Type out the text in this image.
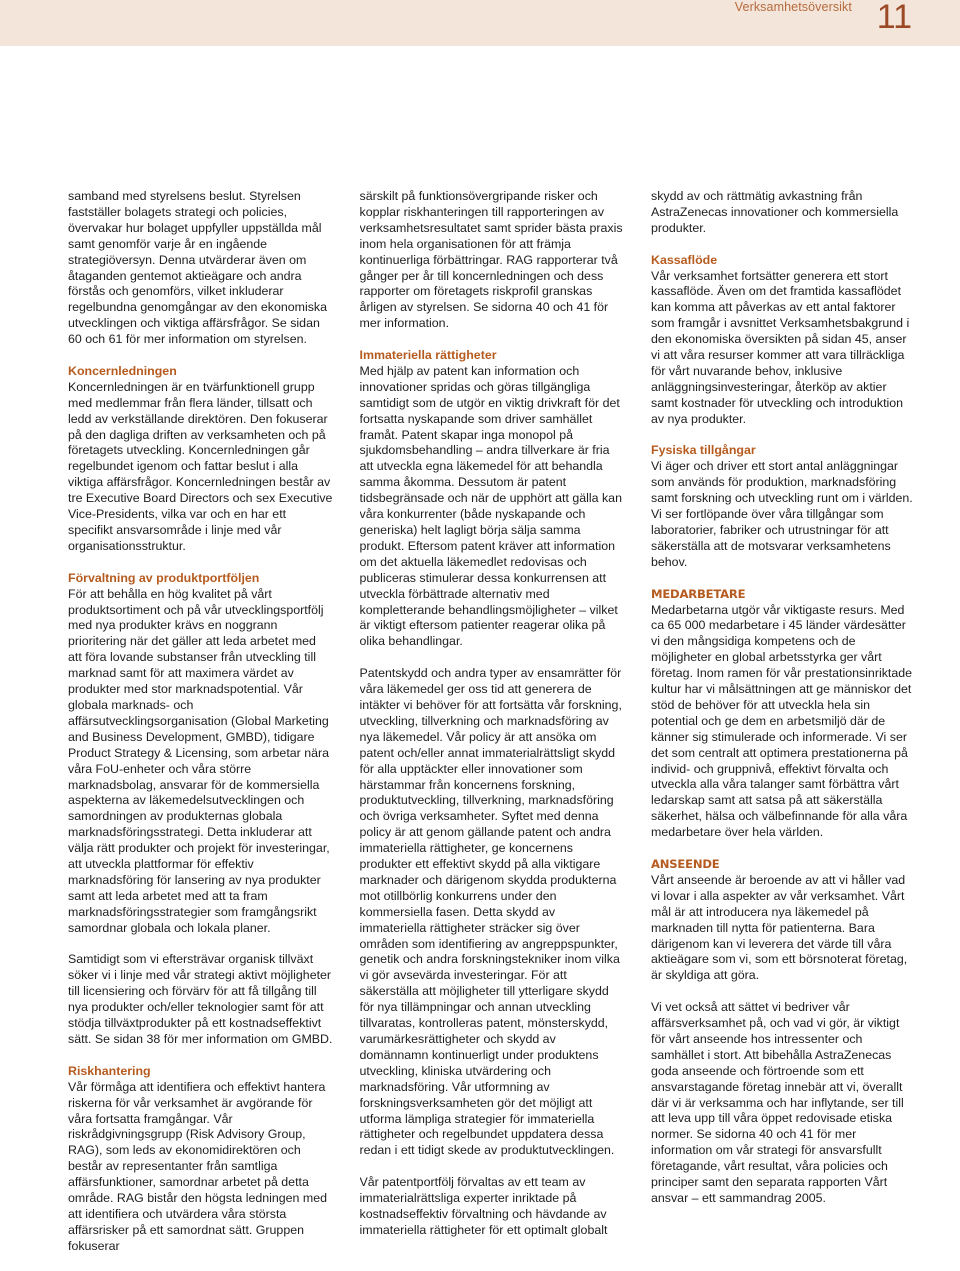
Verksamhetsöversikt 11
samband med styrelsens beslut. Styrelsen fastställer bolagets strategi och policies, övervakar hur bolaget uppfyller uppställda mål samt genomför varje år en ingående strategiöversyn. Denna utvärderar även om åtaganden gentemot aktieägare och andra förstås och genomförs, vilket inkluderar regelbundna genomgångar av den ekonomiska utvecklingen och viktiga affärsfrågor. Se sidan 60 och 61 för mer information om styrelsen.
Koncernledningen
Koncernledningen är en tvärfunktionell grupp med medlemmar från flera länder, tillsatt och ledd av verkställande direktören. Den fokuserar på den dagliga driften av verksamheten och på företagets utveckling. Koncernledningen går regelbundet igenom och fattar beslut i alla viktiga affärsfrågor. Koncernledningen består av tre Executive Board Directors och sex Executive Vice-Presidents, vilka var och en har ett specifikt ansvarsområde i linje med vår organisationsstruktur.
Förvaltning av produktportföljen
För att behålla en hög kvalitet på vårt produktsortiment och på vår utvecklingsportfölj med nya produkter krävs en noggrann prioritering när det gäller att leda arbetet med att föra lovande substanser från utveckling till marknad samt för att maximera värdet av produkter med stor marknadspotential. Vår globala marknads- och affärsutvecklingsorganisation (Global Marketing and Business Development, GMBD), tidigare Product Strategy & Licensing, som arbetar nära våra FoU-enheter och våra större marknadsbolag, ansvarar för de kommersiella aspekterna av läkemedelsutvecklingen och samordningen av produkternas globala marknadsföringsstrategi. Detta inkluderar att välja rätt produkter och projekt för investeringar, att utveckla plattformar för effektiv marknadsföring för lansering av nya produkter samt att leda arbetet med att ta fram marknadsföringsstrategier som framgångsrikt samordnar globala och lokala planer.
Samtidigt som vi eftersträvar organisk tillväxt söker vi i linje med vår strategi aktivt möjligheter till licensiering och förvärv för att få tillgång till nya produkter och/eller teknologier samt för att stödja tillväxtprodukter på ett kostnadseffektivt sätt. Se sidan 38 för mer information om GMBD.
Riskhantering
Vår förmåga att identifiera och effektivt hantera riskerna för vår verksamhet är avgörande för våra fortsatta framgångar. Vår riskrådgivningsgrupp (Risk Advisory Group, RAG), som leds av ekonomidirektören och består av representanter från samtliga affärsfunktioner, samordnar arbetet på detta område. RAG bistår den högsta ledningen med att identifiera och utvärdera våra största affärsrisker på ett samordnat sätt. Gruppen fokuserar
särskilt på funktionsövergripande risker och kopplar riskhanteringen till rapporteringen av verksamhetsresultatet samt sprider bästa praxis inom hela organisationen för att främja kontinuerliga förbättringar. RAG rapporterar två gånger per år till koncernledningen och dess rapporter om företagets riskprofil granskas årligen av styrelsen. Se sidorna 40 och 41 för mer information.
Immateriella rättigheter
Med hjälp av patent kan information och innovationer spridas och göras tillgängliga samtidigt som de utgör en viktig drivkraft för det fortsatta nyskapande som driver samhället framåt. Patent skapar inga monopol på sjukdomsbehandling – andra tillverkare är fria att utveckla egna läkemedel för att behandla samma åkomma. Dessutom är patent tidsbegränsade och när de upphört att gälla kan våra konkurrenter (både nyskapande och generiska) helt lagligt börja sälja samma produkt. Eftersom patent kräver att information om det aktuella läkemedlet redovisas och publiceras stimulerar dessa konkurrensen att utveckla förbättrade alternativ med kompletterande behandlingsmöjligheter – vilket är viktigt eftersom patienter reagerar olika på olika behandlingar.
Patentskydd och andra typer av ensamrätter för våra läkemedel ger oss tid att generera de intäkter vi behöver för att fortsätta vår forskning, utveckling, tillverkning och marknadsföring av nya läkemedel. Vår policy är att ansöka om patent och/eller annat immaterialrättsligt skydd för alla upptäckter eller innovationer som härstammar från koncernens forskning, produktutveckling, tillverkning, marknadsföring och övriga verksamheter. Syftet med denna policy är att genom gällande patent och andra immateriella rättigheter, ge koncernens produkter ett effektivt skydd på alla viktigare marknader och därigenom skydda produkterna mot otillbörlig konkurrens under den kommersiella fasen. Detta skydd av immateriella rättigheter sträcker sig över områden som identifiering av angreppspunkter, genetik och andra forskningstekniker inom vilka vi gör avsevärda investeringar. För att säkerställa att möjligheter till ytterligare skydd för nya tillämpningar och annan utveckling tillvaratas, kontrolleras patent, mönsterskydd, varumärkesrättigheter och skydd av domännamn kontinuerligt under produktens utveckling, kliniska utvärdering och marknadsföring. Vår utformning av forskningsverksamheten gör det möjligt att utforma lämpliga strategier för immateriella rättigheter och regelbundet uppdatera dessa redan i ett tidigt skede av produktutvecklingen.
Vår patentportfölj förvaltas av ett team av immaterialrättsliga experter inriktade på kostnadseffektiv förvaltning och hävdande av immateriella rättigheter för ett optimalt globalt
skydd av och rättmätig avkastning från AstraZenecas innovationer och kommersiella produkter.
Kassaflöde
Vår verksamhet fortsätter generera ett stort kassaflöde. Även om det framtida kassaflödet kan komma att påverkas av ett antal faktorer som framgår i avsnittet Verksamhetsbakgrund i den ekonomiska översikten på sidan 45, anser vi att våra resurser kommer att vara tillräckliga för vårt nuvarande behov, inklusive anläggningsinvesteringar, återköp av aktier samt kostnader för utveckling och introduktion av nya produkter.
Fysiska tillgångar
Vi äger och driver ett stort antal anläggningar som används för produktion, marknadsföring samt forskning och utveckling runt om i världen. Vi ser fortlöpande över våra tillgångar som laboratorier, fabriker och utrustningar för att säkerställa att de motsvarar verksamhetens behov.
MEDARBETARE
Medarbetarna utgör vår viktigaste resurs. Med ca 65 000 medarbetare i 45 länder värdesätter vi den mångsidiga kompetens och de möjligheter en global arbetsstyrka ger vårt företag. Inom ramen för vår prestationsinriktade kultur har vi målsättningen att ge människor det stöd de behöver för att utveckla hela sin potential och ge dem en arbetsmiljö där de känner sig stimulerade och informerade. Vi ser det som centralt att optimera prestationerna på individ- och gruppnivå, effektivt förvalta och utveckla alla våra talanger samt förbättra vårt ledarskap samt att satsa på att säkerställa säkerhet, hälsa och välbefinnande för alla våra medarbetare över hela världen.
ANSEENDE
Vårt anseende är beroende av att vi håller vad vi lovar i alla aspekter av vår verksamhet. Vårt mål är att introducera nya läkemedel på marknaden till nytta för patienterna. Bara därigenom kan vi leverera det värde till våra aktieägare som vi, som ett börsnoterat företag, är skyldiga att göra.
Vi vet också att sättet vi bedriver vår affärsverksamhet på, och vad vi gör, är viktigt för vårt anseende hos intressenter och samhället i stort. Att bibehålla AstraZenecas goda anseende och förtroende som ett ansvarstagande företag innebär att vi, överallt där vi är verksamma och har inflytande, ser till att leva upp till våra öppet redovisade etiska normer. Se sidorna 40 och 41 för mer information om vår strategi för ansvarsfullt företagande, vårt resultat, våra policies och principer samt den separata rapporten Vårt ansvar – ett sammandrag 2005.
